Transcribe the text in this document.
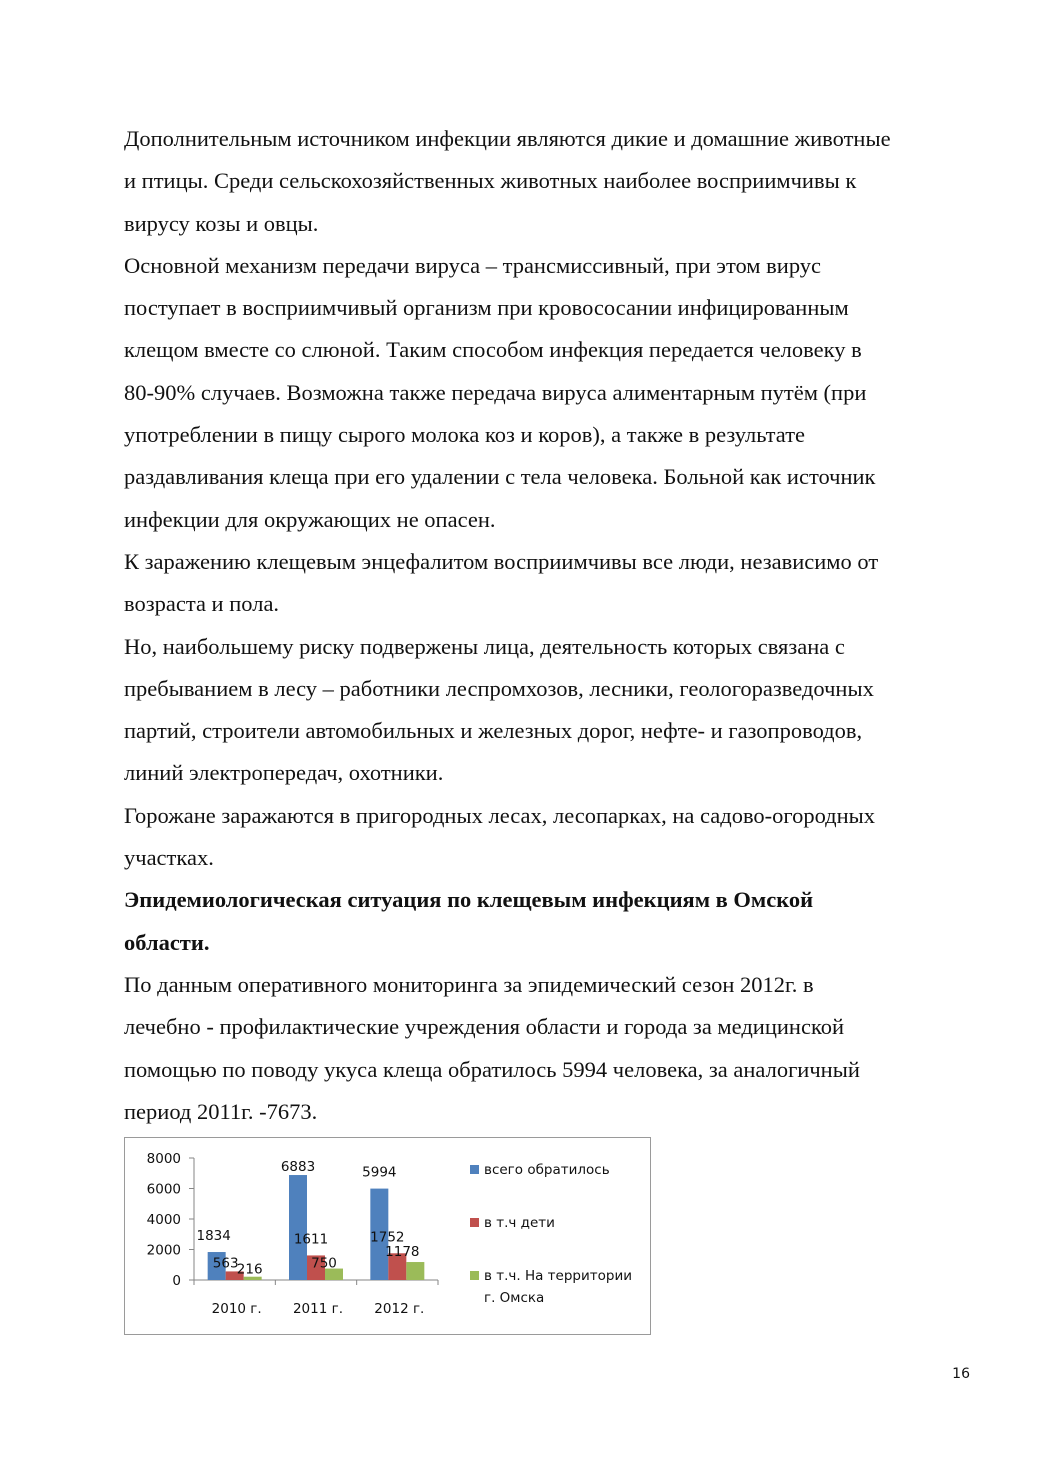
Дополнительным источником инфекции являются дикие и домашние животные
и птицы. Среди сельскохозяйственных животных наиболее восприимчивы к
вирусу козы и овцы.

Основной механизм передачи вируса – трансмиссивный, при этом вирус
поступает в восприимчивый организм при кровососании инфицированным
клещом вместе со слюной. Таким способом инфекция передается человеку в
80-90% случаев. Возможна также передача вируса алиментарным путём (при
употреблении в пищу сырого молока коз и коров), а также в результате
раздавливания клеща при его удалении с тела человека. Больной как источник
инфекции для окружающих не опасен.

К заражению клещевым энцефалитом восприимчивы все люди, независимо от
возраста и пола.

Но, наибольшему риску подвержены лица, деятельность которых связана с
пребыванием в лесу – работники леспромхозов, лесники, геологоразведочных
партий, строители автомобильных и железных дорог, нефте- и газопроводов,
линий электропередач, охотники.

Горожане заражаются в пригородных лесах, лесопарках, на садово-огородных
участках.

Эпидемиологическая ситуация по клещевым инфекциям в Омской
области.

По данным оперативного мониторинга за эпидемический сезон 2012г. в
лечебно - профилактические учреждения области и города за медицинской
помощью по поводу укуса клеща обратилось 5994 человека, за аналогичный
период 2011г. -7673.

0
2000
4000
6000
8000
1834
563
216
2010 г.
6883
1611
750
2011 г.
5994
1752
1178
2012 г.
всего обратилось
в т.ч дети
в т.ч. На территории
г. Омска
16
